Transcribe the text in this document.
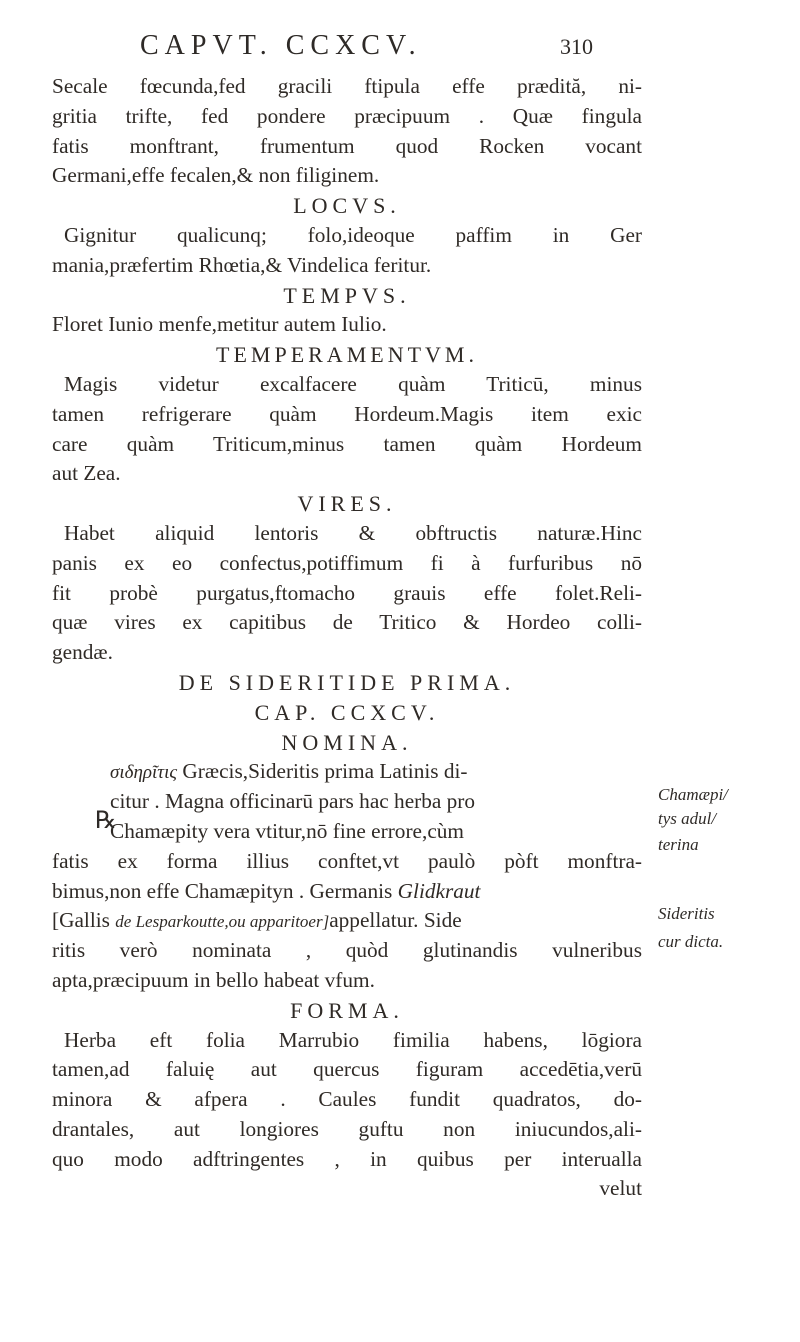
CAPVT. CCXCV.	310
Secale fœcunda,fed gracili ftipula effe prædită, ni-
gritia trifte, fed pondere præcipuum . Quæ fingula
fatis monftrant, frumentum quod Rocken vocant
Germani,effe fecalen,& non filiginem.
LOCVS.
Gignitur qualicunq; folo,ideoque paffim in Ger
mania,præfertim Rhœtia,& Vindelica feritur.
TEMPVS.
Floret Iunio menfe,metitur autem Iulio.
TEMPERAMENTVM.
Magis videtur excalfacere quàm Triticū, minus
tamen refrigerare quàm Hordeum.Magis item exic
care quàm Triticum,minus tamen quàm Hordeum
aut Zea.
VIRES.
Habet aliquid lentoris & obftructis naturæ.Hinc
panis ex eo confectus,potiffimum fi à furfuribus nō
fit probè purgatus,ftomacho grauis effe folet.Reli-
quæ vires ex capitibus de Tritico & Hordeo colli-
gendæ.
DE SIDERITIDE PRIMA.
CAP. CCXCV.
NOMINA.
σιδηρῖτις Grӕcis,Sideritis prima Latinis di-
citur . Magna officinarū pars hac herba pro
Chamæpity vera vtitur,nō fine errore,cùm
fatis ex forma illius conftet,vt paulò pòft monftra-
bimus,non effe Chamæpityn . Germanis Glidkraut
[Gallis de Lesparkoutte,ou apparitoer]appellatur. Side
ritis verò nominata , quòd glutinandis vulneribus
apta,præcipuum in bello habeat vfum.
FORMA.
Herba eft folia Marrubio fimilia habens, lōgiora
tamen,ad faluię aut quercus figuram accedētia,verū
minora & afpera . Caules fundit quadratos, do-
drantales, aut longiores guftu non iniucundos,ali-
quo modo adftringentes , in quibus per interualla
velut
℞
Chamæpi/
tys adul/
terina
Sideritis
cur dicta.
